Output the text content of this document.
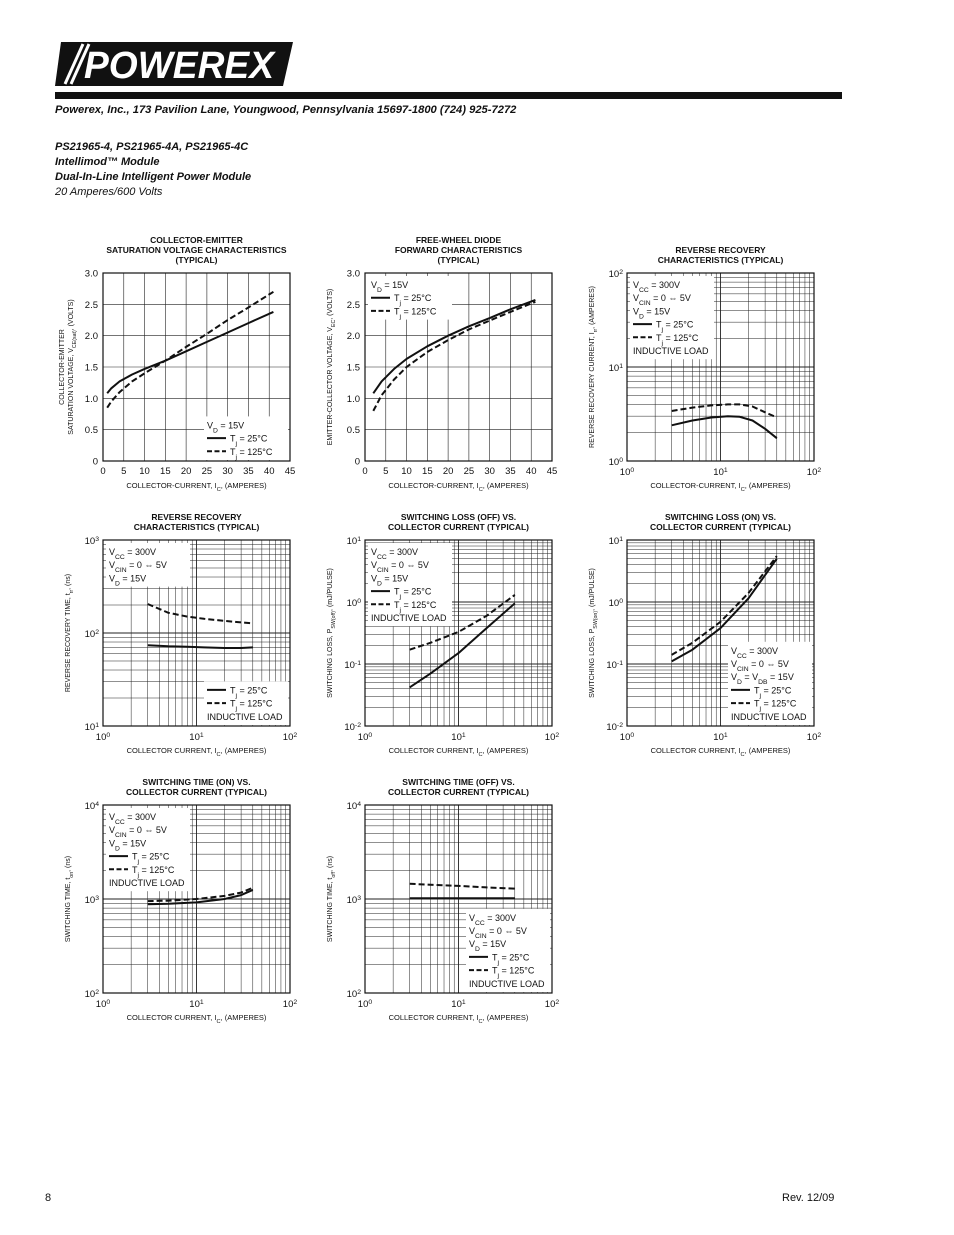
POWEREX
Powerex, Inc., 173 Pavilion Lane, Youngwood, Pennsylvania 15697-1800 (724) 925-7272
PS21965-4, PS21965-4A, PS21965-4C
Intellimod™ Module
Dual-In-Line Intelligent Power Module
20 Amperes/600 Volts
COLLECTOR-EMITTER
SATURATION VOLTAGE CHARACTERISTICS
(TYPICAL)
0 5 10 15 20 25 30 35 40 45
0
0.5
1.0
1.5
2.0
2.5
3.0
COLLECTOR-CURRENT, $I_C$, (AMPERES)
COLLECTOR-EMITTER SATURATION VOLTAGE, $V_{CE(sat)}$, (VOLTS)
$V_D = 15V$
$T_j = 25^\circ C$
$T_j = 125^\circ C$
FREE-WHEEL DIODE
FORWARD CHARACTERISTICS
(TYPICAL)
0 5 10 15 20 25 30 35 40 45
0
0.5
1.0
1.5
2.0
2.5
3.0
COLLECTOR-CURRENT, $I_C$, (AMPERES)
EMITTER-COLLECTOR VOLTAGE, $V_{EC}$, (VOLTS)
$V_D = 15V$
$T_j = 25^\circ C$
$T_j = 125^\circ C$
REVERSE RECOVERY
CHARACTERISTICS (TYPICAL)
$10^0$	$10^1$	$10^2$
$10^0$
$10^1$
$10^2$
COLLECTOR-CURRENT, $I_C$, (AMPERES)
REVERSE RECOVERY CURRENT, $I_{rr}$, (AMPERES)
$V_{CC} = 300V$
$V_{CIN} = 0$ ⇔ 5V
$V_D = 15V$
$T_j = 25^\circ C$
$T_j = 125^\circ C$
INDUCTIVE LOAD
REVERSE RECOVERY
CHARACTERISTICS (TYPICAL)
$10^0$	$10^1$	$10^2$
$10^1$
$10^2$
$10^3$
COLLECTOR CURRENT, $I_C$, (AMPERES)
REVERSE RECOVERY TIME, $t_{rr}$, (ns)
$V_{CC} = 300V$
$V_{CIN} = 0$ ⇔ 5V
$V_D = 15V$
$T_j = 25^\circ C$
$T_j = 125^\circ C$
INDUCTIVE LOAD
SWITCHING LOSS (OFF) VS.
COLLECTOR CURRENT (TYPICAL)
$10^0$	$10^1$	$10^2$
$10^{-2}$
$10^{-1}$
$10^0$
$10^1$
COLLECTOR CURRENT, $I_C$, (AMPERES)
SWITCHING LOSS, $P_{SW(off)}$, (mJ/PULSE)
$V_{CC} = 300V$
$V_{CIN} = 0$ ⇔ 5V
$V_D = 15V$
$T_j = 25^\circ C$
$T_j = 125^\circ C$
INDUCTIVE LOAD
SWITCHING LOSS (ON) VS.
COLLECTOR CURRENT (TYPICAL)
$10^0$	$10^1$	$10^2$
$10^{-2}$
$10^{-1}$
$10^0$
$10^1$
COLLECTOR CURRENT, $I_C$, (AMPERES)
SWITCHING LOSS, $P_{SW(on)}$, (mJ/PULSE)
$V_{CC} = 300V$
$V_{CIN} = 0$ ⇔ 5V
$V_D = V_{DB} = 15V$
$T_j = 25^\circ C$
$T_j = 125^\circ C$
INDUCTIVE LOAD
SWITCHING TIME (ON) VS.
COLLECTOR CURRENT (TYPICAL)
$10^0$	$10^1$	$10^2$
$10^2$
$10^3$
$10^4$
COLLECTOR CURRENT, $I_C$, (AMPERES)
SWITCHING TIME, $t_{on}$, (ns)
$V_{CC} = 300V$
$V_{CIN} = 0$ ⇔ 5V
$V_D = 15V$
$T_j = 25^\circ C$
$T_j = 125^\circ C$
INDUCTIVE LOAD
SWITCHING TIME (OFF) VS.
COLLECTOR CURRENT (TYPICAL)
$10^0$	$10^1$	$10^2$
$10^2$
$10^3$
$10^4$
COLLECTOR CURRENT, $I_C$, (AMPERES)
SWITCHING TIME, $t_{off}$, (ns)
$V_{CC} = 300V$
$V_{CIN} = 0$ ⇔ 5V
$V_D = 15V$
$T_j = 25^\circ C$
$T_j = 125^\circ C$
INDUCTIVE LOAD
8	Rev. 12/09
